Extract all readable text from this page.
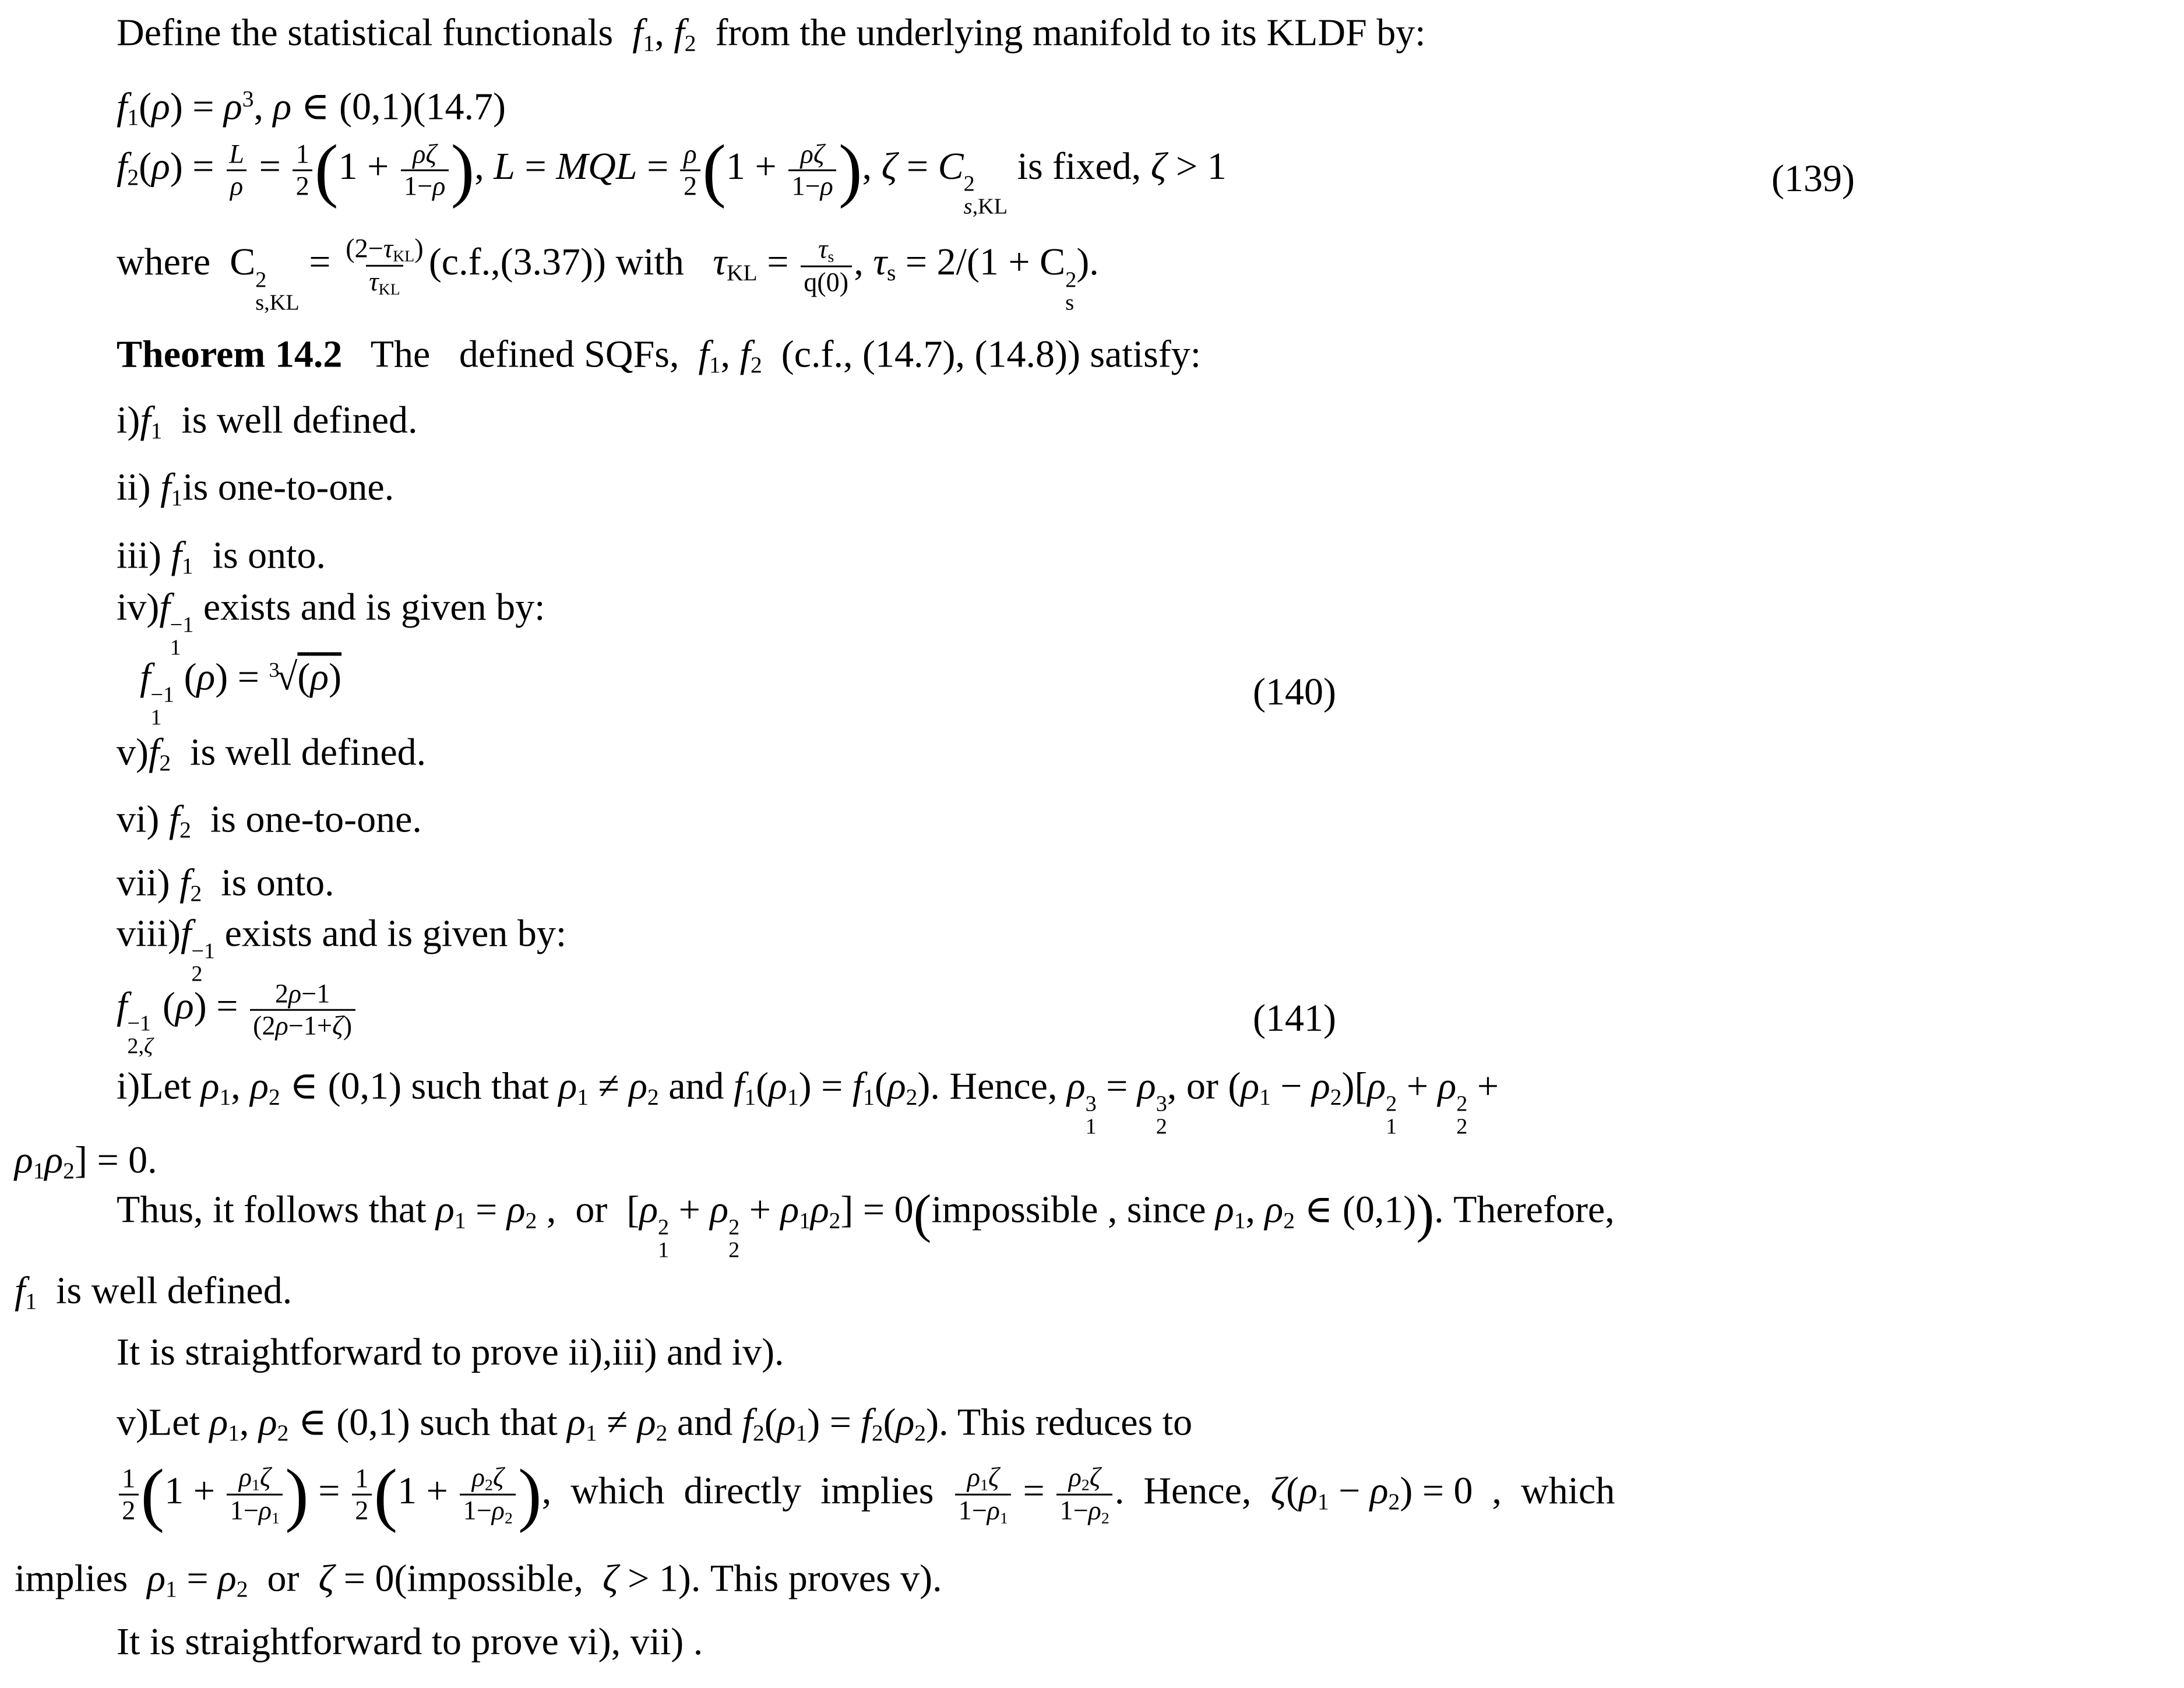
Define the statistical functionals  f1, f2  from the underlying manifold to its KLDF by:
$f1(\rho) = \rho^3$, ρ ∈ (0,1)(14.7)
$f2(\rho) = \frac{L}{\rho} = \frac{1}{2} (1 + \frac{\rho\zeta}{1-\rho}$ ), L = MQL = $\frac{\rho}{2} (1 + \frac{\rho\zeta}{1-\rho}$ ), ζ = C 2
s,KL
is fixed, ζ > 1	(139)
where  C 2
s,KL
= $\frac{\text{(2−τKL)}}{\text{τKL}} (c.f.,(3.37))$ with   $\tau KL = \frac{\tau s}{q(0)}$ , τs = 2/(1 + C 2
s
).
Theorem 14.2   The   defined SQFs,  f1, f2  (c.f., (14.7), (14.8)) satisfy:
i)f1  is well defined.
ii) f1is one-to-one.
iii) f1  is onto.
iv)f −1
1
exists and is given by:
f −1
1
(ρ) = $^3$√(ρ)	(140)
v)f2  is well defined.
vi) f2  is one-to-one.
vii) f2  is onto.
viii)f −1
2
exists and is given by:
f −1
2,ζ
$(\rho) = \frac{2\rho-1}{(2\rho-1+\zeta)}$	(141)
i)Let ρ1, ρ2 ∈ (0,1) such that ρ1 ≠ ρ2 and f1(ρ1) = f1(ρ2). Hence, ρ 3
1
= ρ 3
2
, or (ρ1 − ρ2)[ρ 2
1
+ ρ 2
2
+
ρ1ρ2] = 0.
Thus, it follows that ρ1 = ρ2 ,  or  [ρ 2
1
+ ρ 2
2
+ ρ1ρ2] = 0(impossible , since ρ1, ρ2 ∈ (0,1)). Therefore,
f1  is well defined.
It is straightforward to prove ii),iii) and iv).
v)Let ρ1, ρ2 ∈ (0,1) such that ρ1 ≠ ρ2 and f2(ρ1) = f2(ρ2). This reduces to
$\frac{1}{2} (1 + \frac{\rho 1\zeta}{1-\rho 1}$ ) = $\frac{1}{2} (1 + \frac{\rho 2\zeta}{1-\rho 2}$ ),  which  directly  implies $\frac{\rho 1\zeta}{1-\rho 1} = \frac{\rho 2\zeta}{1-\rho 2}$ .  Hence,  ζ(ρ1 − ρ2) = 0  ,  which
implies  ρ1 = ρ2  or  ζ = 0(impossible,  ζ > 1). This proves v).
It is straightforward to prove vi), vii) .
